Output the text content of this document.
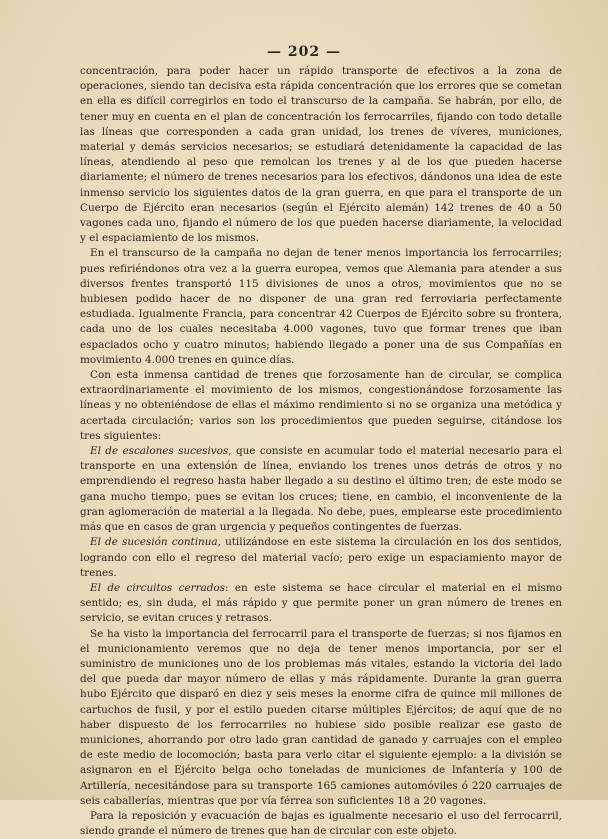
— 202 —

concentración, para poder hacer un rápido transporte de efectivos a la zona de operaciones, siendo tan decisiva esta rápida concentración que los errores que se cometan en ella es difícil corregirlos en todo el transcurso de la campaña. Se habrán, por ello, de tener muy en cuenta en el plan de concentración los ferrocarriles, fijando con todo detalle las líneas que corresponden a cada gran unidad, los trenes de víveres, municiones, material y demás servicios necesarios; se estudiará detenidamente la capacidad de las líneas, atendiendo al peso que remolcan los trenes y al de los que pueden hacerse diariamente; el número de trenes necesarios para los efectivos, dándonos una idea de este inmenso servicio los siguientes datos de la gran guerra, en que para el transporte de un Cuerpo de Ejército eran necesarios (según el Ejército alemán) 142 trenes de 40 a 50 vagones cada uno, fijando el número de los que pueden hacerse diariamente, la velocidad y el espaciamiento de los mismos.

En el transcurso de la campaña no dejan de tener menos importancia los ferrocarriles; pues refiriéndonos otra vez a la guerra europea, vemos que Alemania para atender a sus diversos frentes transportó 115 divisiones de unos a otros, movimientos que no se hubiesen podido hacer de no disponer de una gran red ferroviaria perfectamente estudiada. Igualmente Francia, para concentrar 42 Cuerpos de Ejército sobre su frontera, cada uno de los cuales necesitaba 4.000 vagones, tuvo que formar trenes que iban espaciados ocho y cuatro minutos; habiendo llegado a poner una de sus Compañías en movimiento 4.000 trenes en quince días.

Con esta inmensa cantidad de trenes que forzosamente han de circular, se complica extraordinariamente el movimiento de los mismos, congestionándose forzosamente las líneas y no obteniéndose de ellas el máximo rendimiento si no se organiza una metódica y acertada circulación; varios son los procedimientos que pueden seguirse, citándose los tres siguientes:

El de escalones sucesivos, que consiste en acumular todo el material necesario para el transporte en una extensión de línea, enviando los trenes unos detrás de otros y no emprendiendo el regreso hasta haber llegado a su destino el último tren; de este modo se gana mucho tiempo, pues se evitan los cruces; tiene, en cambio, el inconveniente de la gran aglomeración de material a la llegada. No debe, pues, emplearse este procedimiento más que en casos de gran urgencia y pequeños contingentes de fuerzas.

El de sucesión continua, utilizándose en este sistema la circulación en los dos sentidos, logrando con ello el regreso del material vacío; pero exige un espaciamiento mayor de trenes.

El de circuitos cerrados: en este sistema se hace circular el material en el mismo sentido; es, sin duda, el más rápido y que permite poner un gran número de trenes en servicio, se evitan cruces y retrasos.

Se ha visto la importancia del ferrocarril para el transporte de fuerzas; si nos fijamos en el municionamiento veremos que no deja de tener menos importancia, por ser el suministro de municiones uno de los problemas más vitales, estando la victoria del lado del que pueda dar mayor número de ellas y más rápidamente. Durante la gran guerra hubo Ejército que disparó en diez y seis meses la enorme cifra de quince mil millones de cartuchos de fusil, y por el estilo pueden citarse múltiples Ejércitos; de aquí que de no haber dispuesto de los ferrocarriles no hubiese sido posible realizar ese gasto de municiones, ahorrando por otro lado gran cantidad de ganado y carruajes con el empleo de este medio de locomoción; basta para verlo citar el siguiente ejemplo: a la división se asignaron en el Ejército belga ocho toneladas de municiones de Infantería y 100 de Artillería, necesitándose para su transporte 165 camiones automóviles ó 220 carruajes de seis caballerías, mientras que por vía férrea son suficientes 18 a 20 vagones.

Para la reposición y evacuación de bajas es igualmente necesario el uso del ferrocarril, siendo grande el número de trenes que han de circular con este objeto.
